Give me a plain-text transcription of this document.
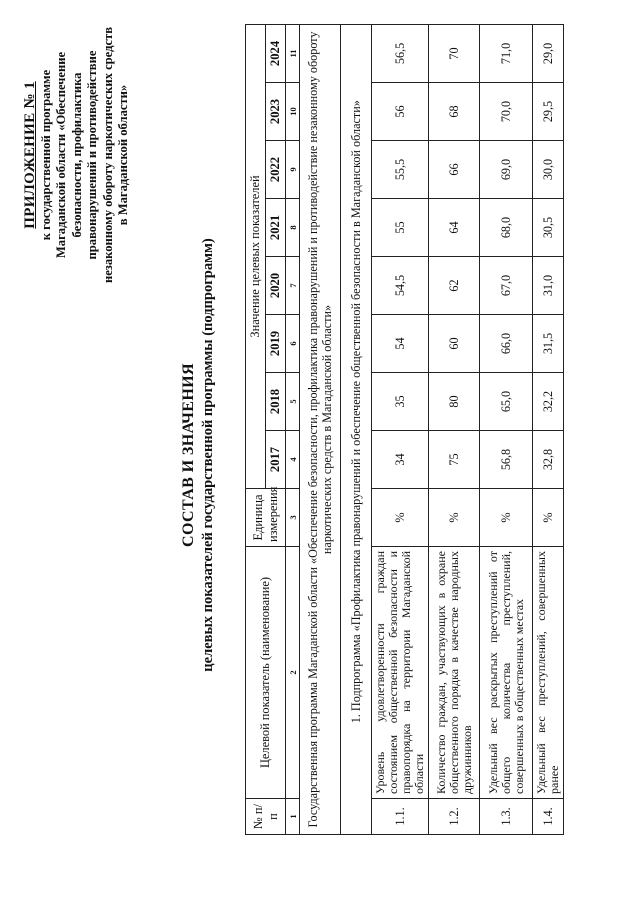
ПРИЛОЖЕНИЕ № 1 к государственной программе Магаданской области «Обеспечение безопасности, профилактика правонарушений и противодействие незаконному обороту наркотических средств в Магаданской области»
СОСТАВ И ЗНАЧЕНИЯ целевых показателей государственной программы (подпрограмм)
№ п/п	Целевой показатель (наименование)	Единица измерения	Значение целевых показателей							
			2017	2018	2019	2020	2021	2022	2023	2024
1	2	3	4	5	6	7	8	9	10	11
Государственная программа Магаданской области «Обеспечение безопасности, профилактика правонарушений и противодействие незаконному обороту наркотических средств в Магаданской области»										
	1. Подпрограмма «Профилактика правонарушений и обеспечение общественной безопасности в Магаданской области»									
1.1.	Уровень удовлетворенности граждан состоянием общественной безопасности и правопорядка на территории Магаданской области	%	34	35	54	54,5	55	55,5	56	56,5
1.2.	Количество граждан, участвующих в охране общественного порядка в качестве народных дружинников	%	75	80	60	62	64	66	68	70
1.3.	Удельный вес раскрытых преступлений от общего количества преступлений, совершенных в общественных местах	%	56,8	65,0	66,0	67,0	68,0	69,0	70,0	71,0
1.4.	Удельный вес преступлений, совершенных ранее	%	32,8	32,2	31,5	31,0	30,5	30,0	29,5	29,0
